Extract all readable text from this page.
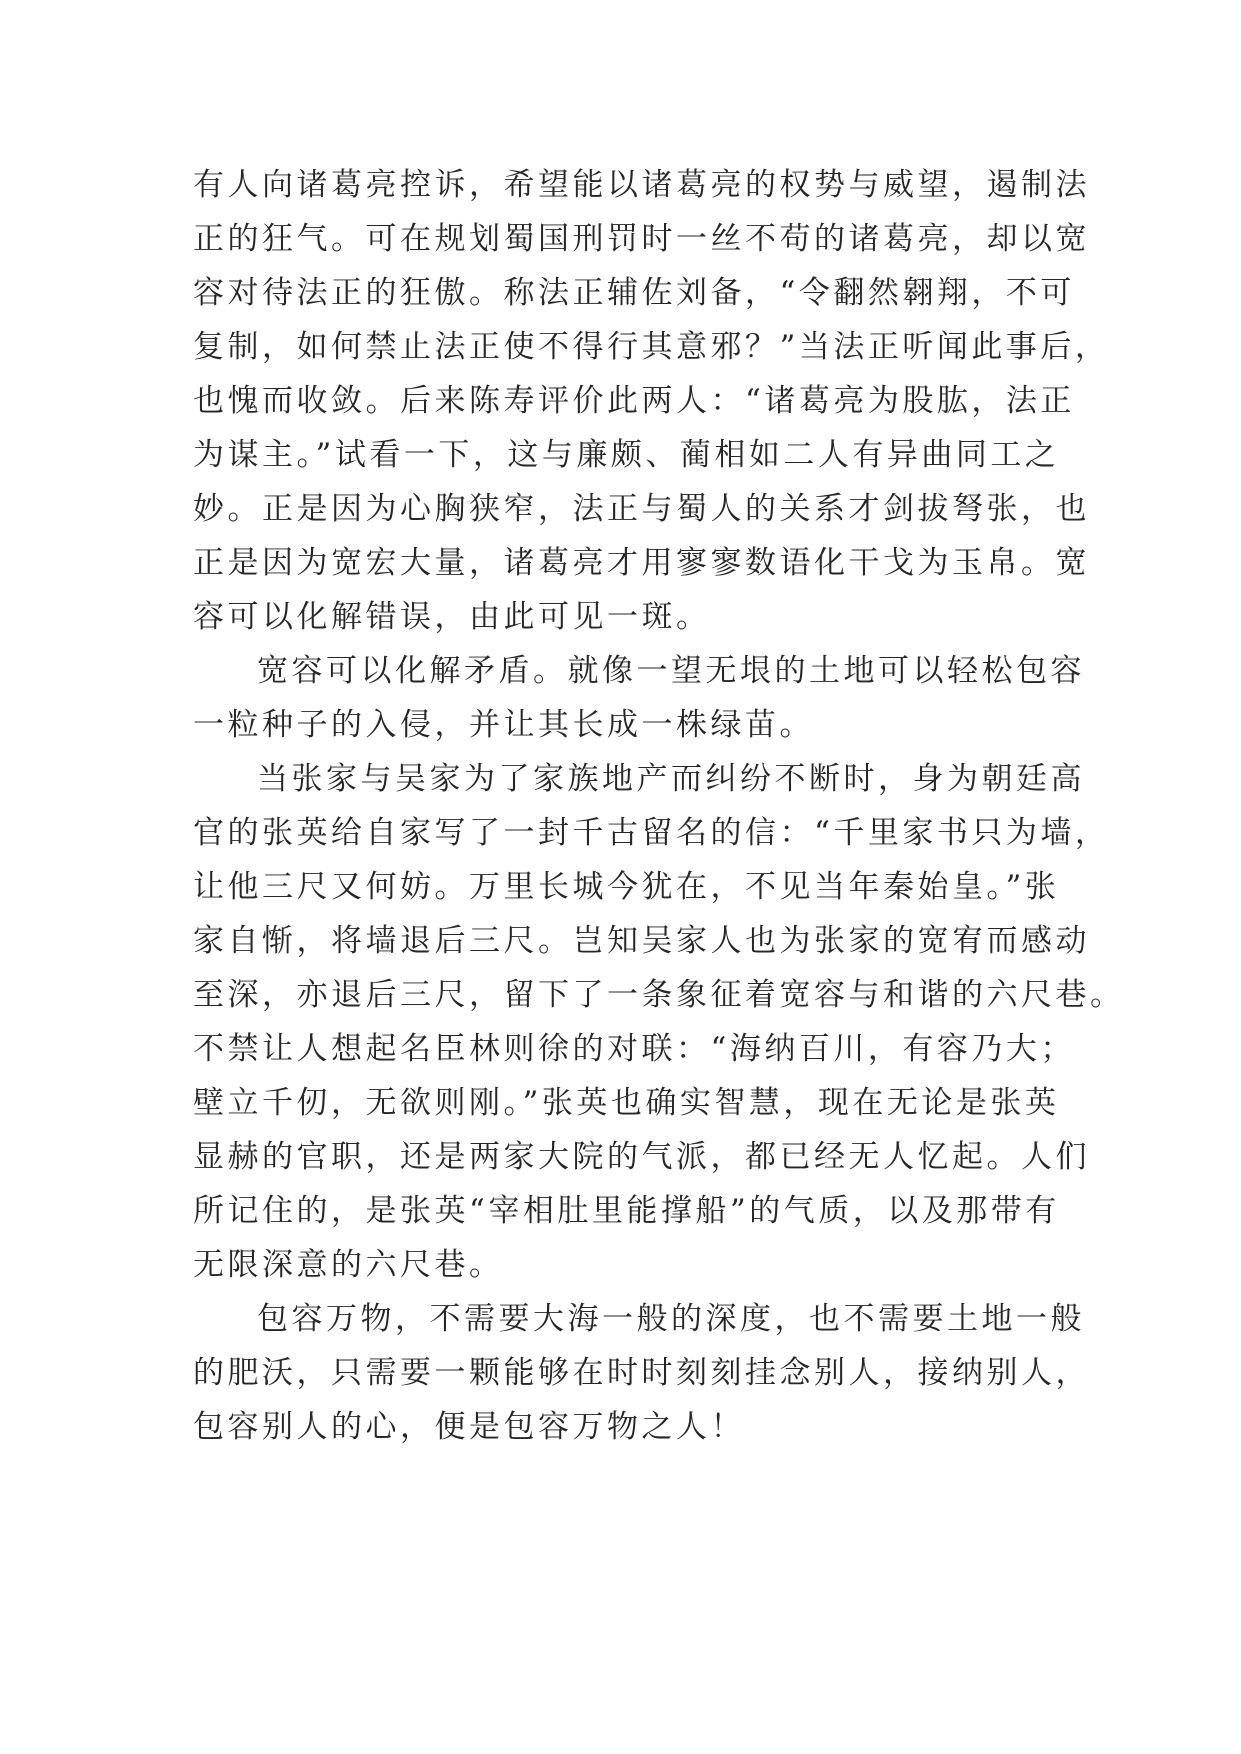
有人向诸葛亮控诉，希望能以诸葛亮的权势与威望，遏制法
正的狂气。可在规划蜀国刑罚时一丝不苟的诸葛亮，却以宽
容对待法正的狂傲。称法正辅佐刘备，“令翻然翱翔，不可
复制，如何禁止法正使不得行其意邪？”当法正听闻此事后，
也愧而收敛。后来陈寿评价此两人：“诸葛亮为股肱，法正
为谋主。”试看一下，这与廉颇、蔺相如二人有异曲同工之
妙。正是因为心胸狭窄，法正与蜀人的关系才剑拔弩张，也
正是因为宽宏大量，诸葛亮才用寥寥数语化干戈为玉帛。宽
容可以化解错误，由此可见一斑。
宽容可以化解矛盾。就像一望无垠的土地可以轻松包容
一粒种子的入侵，并让其长成一株绿苗。
当张家与吴家为了家族地产而纠纷不断时，身为朝廷高
官的张英给自家写了一封千古留名的信：“千里家书只为墙，
让他三尺又何妨。万里长城今犹在，不见当年秦始皇。”张
家自惭，将墙退后三尺。岂知吴家人也为张家的宽宥而感动
至深，亦退后三尺，留下了一条象征着宽容与和谐的六尺巷。
不禁让人想起名臣林则徐的对联：“海纳百川，有容乃大；
壁立千仞，无欲则刚。”张英也确实智慧，现在无论是张英
显赫的官职，还是两家大院的气派，都已经无人忆起。人们
所记住的，是张英“宰相肚里能撑船”的气质，以及那带有
无限深意的六尺巷。
包容万物，不需要大海一般的深度，也不需要土地一般
的肥沃，只需要一颗能够在时时刻刻挂念别人，接纳别人，
包容别人的心，便是包容万物之人！
